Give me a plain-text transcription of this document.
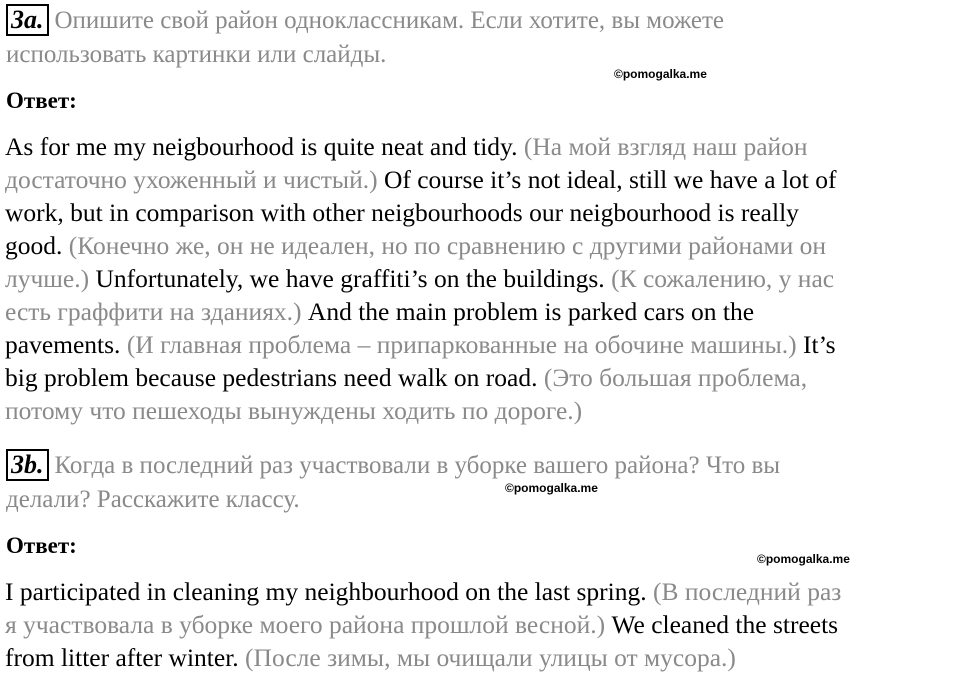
3a. Опишите свой район одноклассникам. Если хотите, вы можете
использовать картинки или слайды.
©pomogalka.me
Ответ:
As for me my neigbourhood is quite neat and tidy. (На мой взгляд наш район
достаточно ухоженный и чистый.) Of course it’s not ideal, still we have a lot of
work, but in comparison with other neigbourhoods our neigbourhood is really
good. (Конечно же, он не идеален, но по сравнению с другими районами он
лучше.) Unfortunately, we have graffiti’s on the buildings. (К сожалению, у нас
есть граффити на зданиях.) And the main problem is parked cars on the
pavements. (И главная проблема – припаркованные на обочине машины.) It’s
big problem because pedestrians need walk on road. (Это большая проблема,
потому что пешеходы вынуждены ходить по дороге.)
3b. Когда в последний раз участвовали в уборке вашего района? Что вы
делали? Расскажите классу.	©pomogalka.me
Ответ:
©pomogalka.me
I participated in cleaning my neighbourhood on the last spring. (В последний раз
я участвовала в уборке моего района прошлой весной.) We cleaned the streets
from litter after winter. (После зимы, мы очищали улицы от мусора.)
